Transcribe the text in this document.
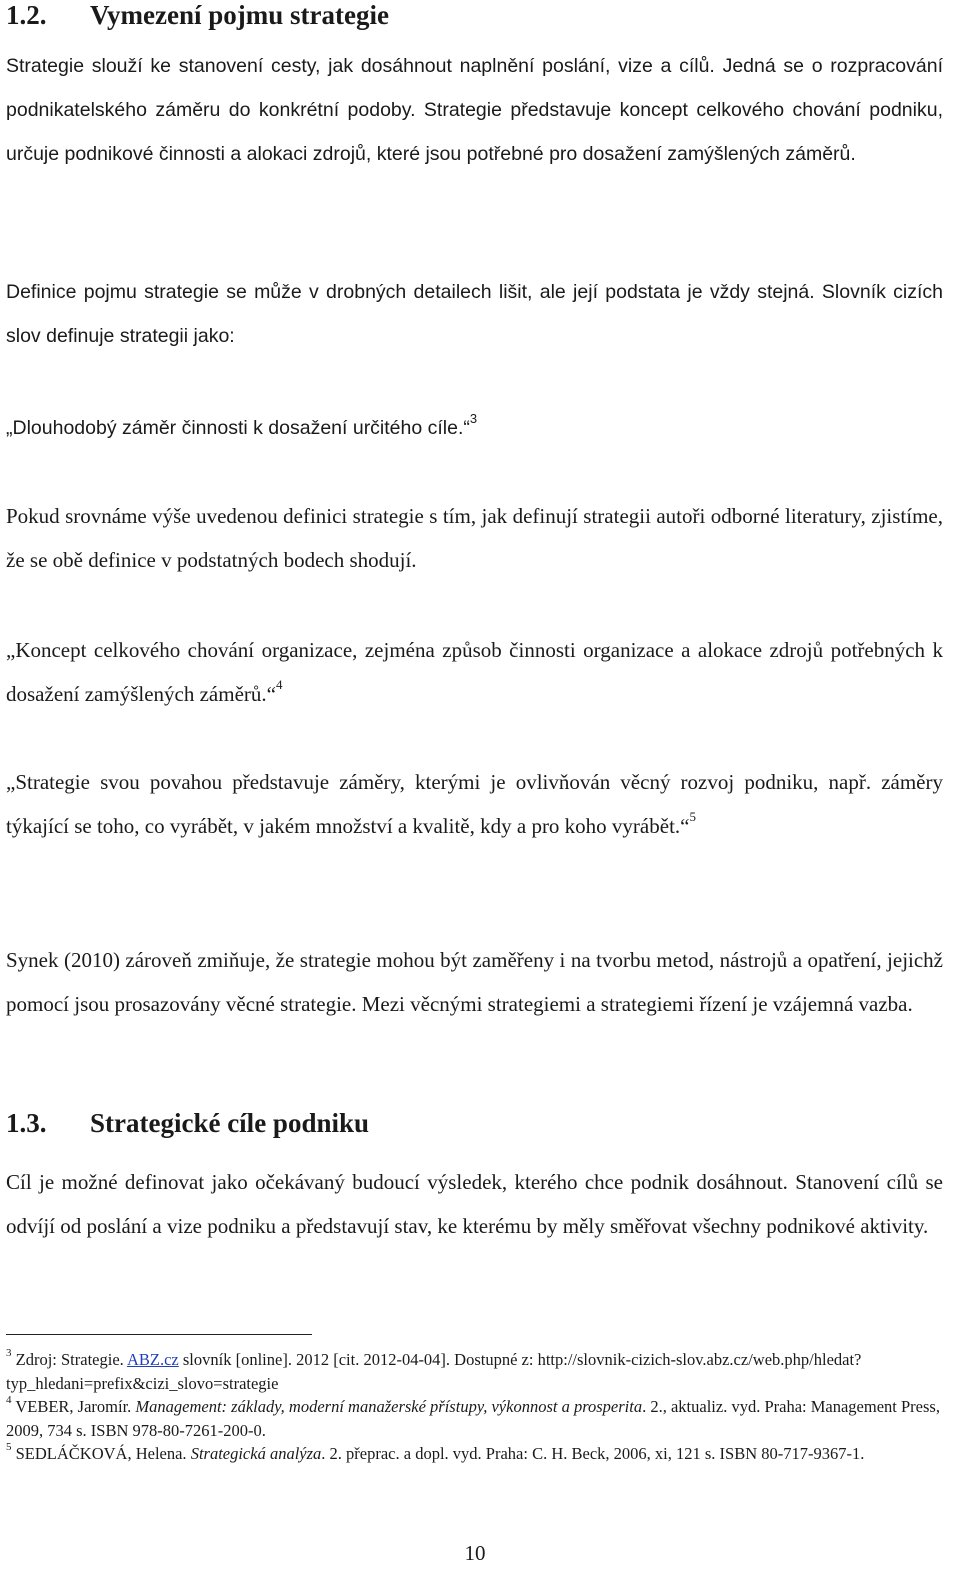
1.2. Vymezení pojmu strategie

Strategie slouží ke stanovení cesty, jak dosáhnout naplnění poslání, vize a cílů. Jedná se o rozpracování podnikatelského záměru do konkrétní podoby. Strategie představuje koncept celkového chování podniku, určuje podnikové činnosti a alokaci zdrojů, které jsou potřebné pro dosažení zamýšlených záměrů.

Definice pojmu strategie se může v drobných detailech lišit, ale její podstata je vždy stejná. Slovník cizích slov definuje strategii jako:

„Dlouhodobý záměr činnosti k dosažení určitého cíle.“$^3$

Pokud srovnáme výše uvedenou definici strategie s tím, jak definují strategii autoři odborné literatury, zjistíme, že se obě definice v podstatných bodech shodují.

„Koncept celkového chování organizace, zejména způsob činnosti organizace a alokace zdrojů potřebných k dosažení zamýšlených záměrů.“$^4$

„Strategie svou povahou představuje záměry, kterými je ovlivňován věcný rozvoj podniku, např. záměry týkající se toho, co vyrábět, v jakém množství a kvalitě, kdy a pro koho vyrábět.“$^5$

Synek (2010) zároveň zmiňuje, že strategie mohou být zaměřeny i na tvorbu metod, nástrojů a opatření, jejichž pomocí jsou prosazovány věcné strategie. Mezi věcnými strategiemi a strategiemi řízení je vzájemná vazba.

1.3. Strategické cíle podniku

Cíl je možné definovat jako očekávaný budoucí výsledek, kterého chce podnik dosáhnout. Stanovení cílů se odvíjí od poslání a vize podniku a představují stav, ke kterému by měly směřovat všechny podnikové aktivity.

$^3$ Zdroj: Strategie. ABZ.cz slovník [online]. 2012 [cit. 2012-04-04]. Dostupné z: http://slovnik-cizich-slov.abz.cz/web.php/hledat?typ_hledani=prefix&cizi_slovo=strategie

$^4$ VEBER, Jaromír. Management: základy, moderní manažerské přístupy, výkonnost a prosperita. 2., aktualiz. vyd. Praha: Management Press, 2009, 734 s. ISBN 978-80-7261-200-0.

$^5$ SEDLÁČKOVÁ, Helena. Strategická analýza. 2. přeprac. a dopl. vyd. Praha: C. H. Beck, 2006, xi, 121 s. ISBN 80-717-9367-1.

10
